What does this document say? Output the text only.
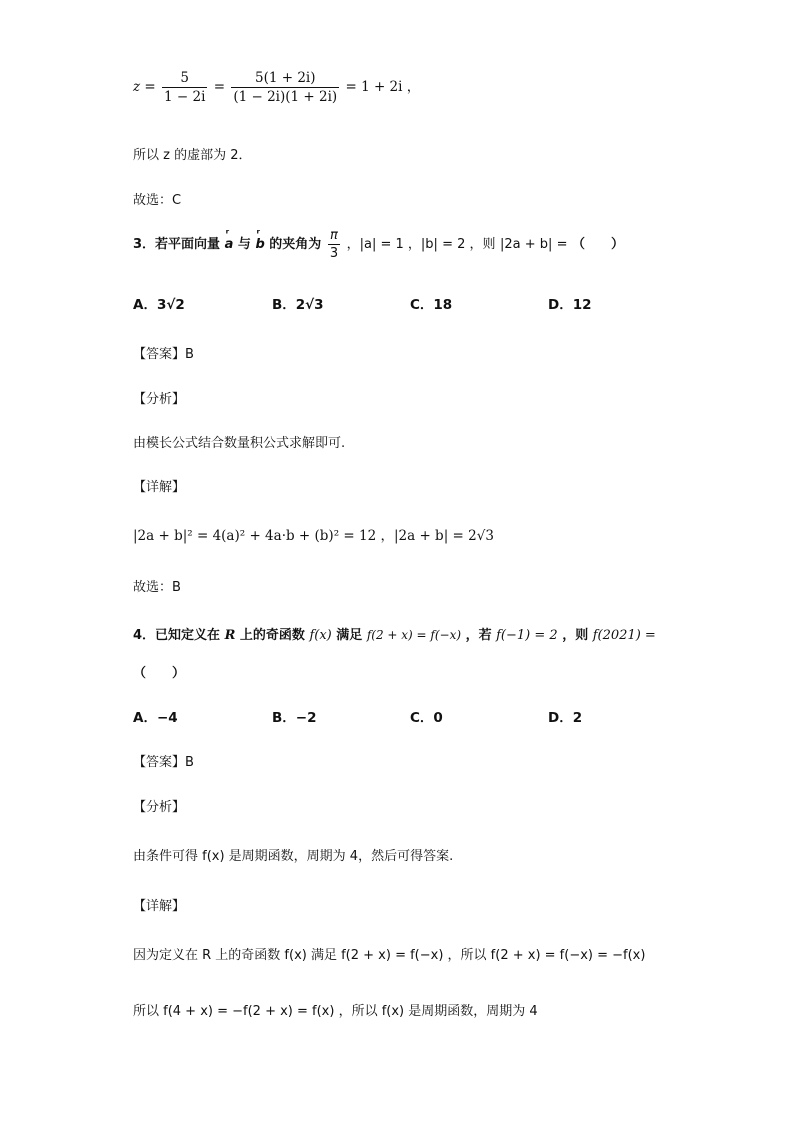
$z = \frac{5}{1 - 2i} = \frac{5(1 + 2i)}{(1 - 2i)(1 + 2i)} = 1 + 2i$ ，
所以 z 的虚部为 2．
故选：C
3．若平面向量 ʳ a 与 ʳ b 的夹角为 $\frac{\pi}{3}$ ，|a| = 1 ，|b| = 2 ，则 |2a + b| = （　　）
A．3√2	B．2√3	C．18	D．12
【答案】B
【分析】
由模长公式结合数量积公式求解即可.
【详解】
|2a + b|² = 4(a)² + 4a·b + (b)² = 12 ，|2a + b| = 2√3
故选：B
4．已知定义在 R 上的奇函数 f(x) 满足 f(2 + x) = f(−x) ，若 f(−1) = 2 ，则 f(2021) =
（　　）
A．−4	B．−2	C．0	D．2
【答案】B
【分析】
由条件可得 f(x) 是周期函数，周期为 4，然后可得答案.
【详解】
因为定义在 R 上的奇函数 f(x) 满足 f(2 + x) = f(−x) ，所以 f(2 + x) = f(−x) = −f(x)
所以 f(4 + x) = −f(2 + x) = f(x) ，所以 f(x) 是周期函数，周期为 4
